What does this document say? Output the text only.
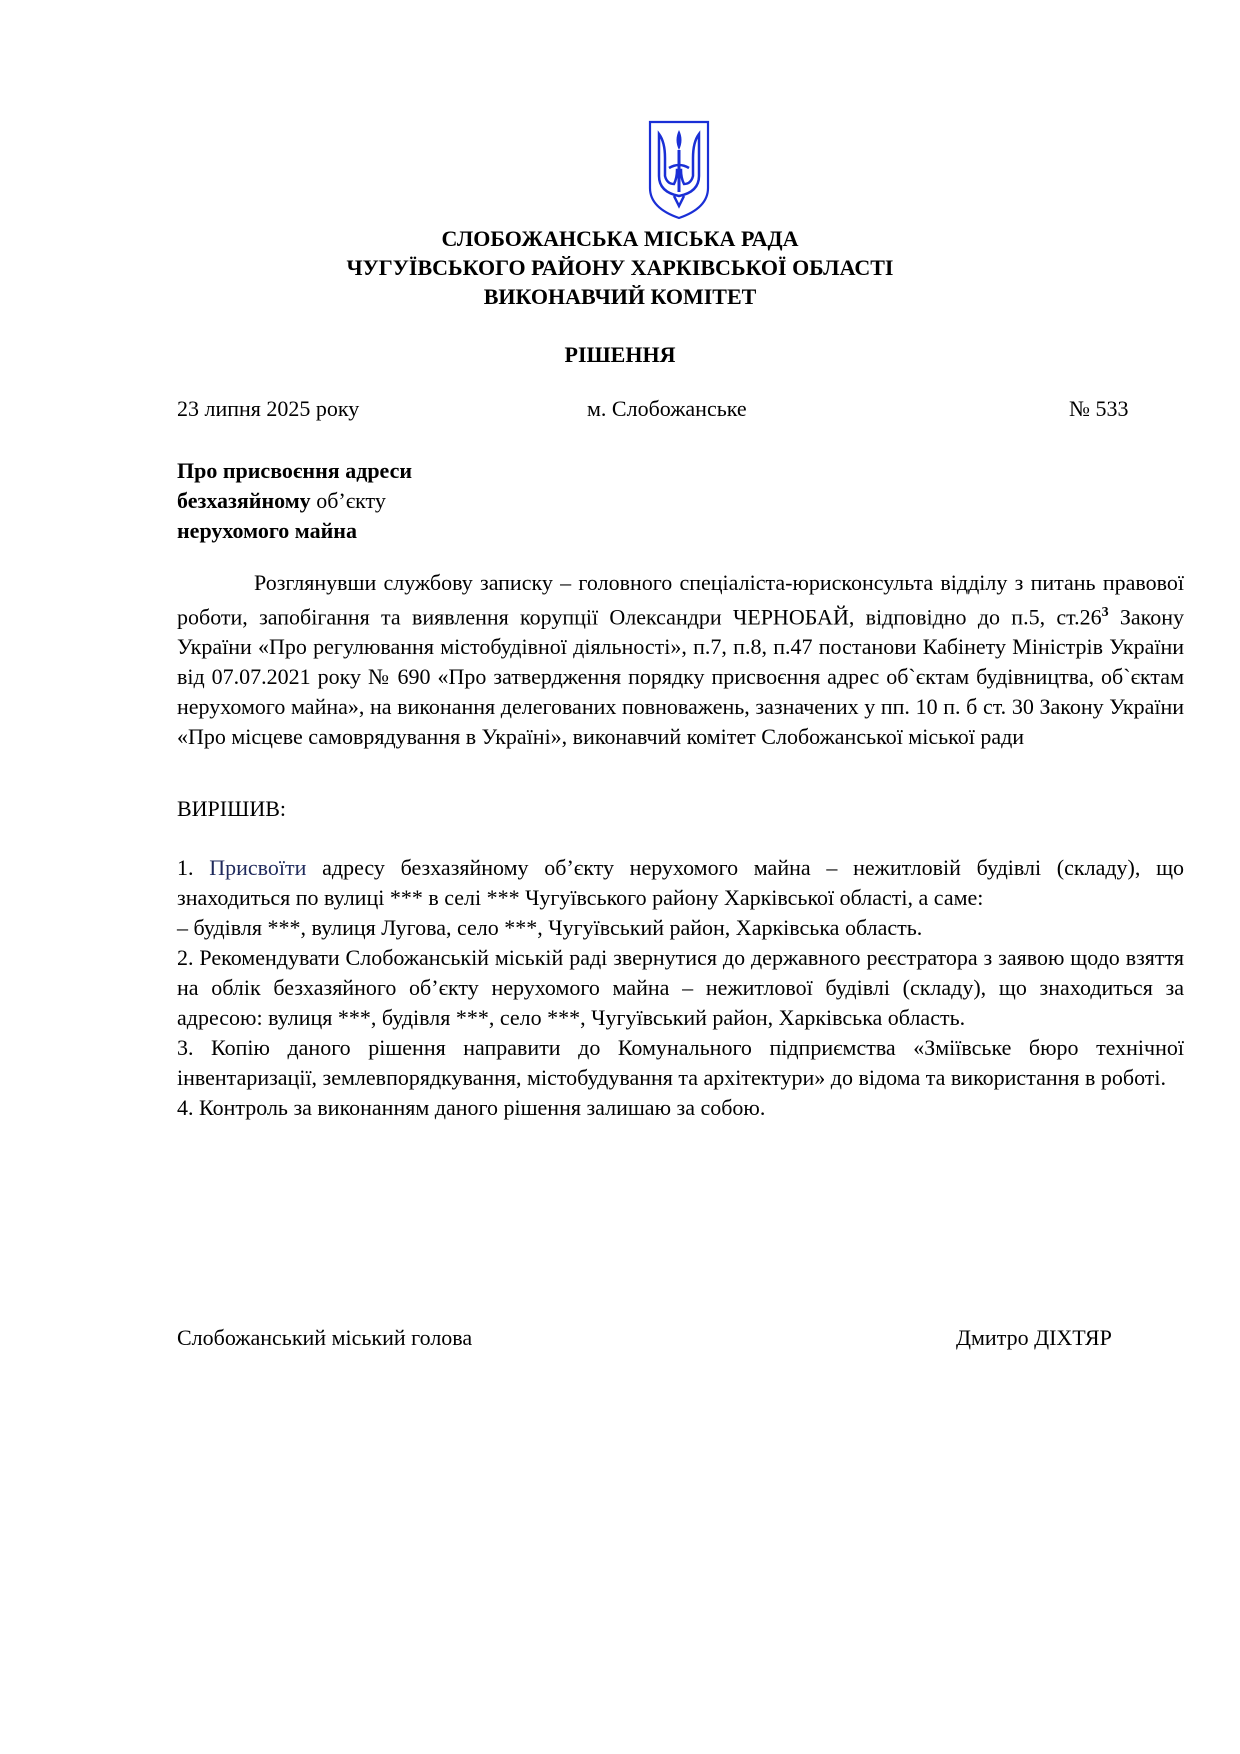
СЛОБОЖАНСЬКА МІСЬКА РАДА
ЧУГУЇВСЬКОГО РАЙОНУ ХАРКІВСЬКОЇ ОБЛАСТІ
ВИКОНАВЧИЙ КОМІТЕТ
РІШЕННЯ
23 липня 2025 року	м. Слобожанське	№ 533
Про присвоєння адреси
безхазяйному об’єкту
нерухомого майна
Розглянувши службову записку – головного спеціаліста-юрисконсульта відділу з питань правової роботи, запобігання та виявлення корупції Олександри ЧЕРНОБАЙ, відповідно до п.5, $ст.26^3$ Закону України «Про регулювання містобудівної діяльності», п.7, п.8, п.47 постанови Кабінету Міністрів України від 07.07.2021 року № 690 «Про затвердження порядку присвоєння адрес об`єктам будівництва, об`єктам нерухомого майна», на виконання делегованих повноважень, зазначених у пп. 10 п. б ст. 30 Закону України «Про місцеве самоврядування в Україні», виконавчий комітет Слобожанської міської ради
ВИРІШИВ:

1. Присвоїти адресу безхазяйному об’єкту нерухомого майна – нежитловій будівлі (складу), що знаходиться по вулиці *** в селі *** Чугуївського району Харківської області, а саме:

– будівля ***, вулиця Лугова, село ***, Чугуївський район, Харківська область.

2. Рекомендувати Слобожанській міській раді звернутися до державного реєстратора з заявою щодо взяття на облік безхазяйного об’єкту нерухомого майна – нежитлової будівлі (складу), що знаходиться за адресою: вулиця ***, будівля ***, село ***, Чугуївський район, Харківська область.

3. Копію даного рішення направити до Комунального підприємства «Зміївське бюро технічної інвентаризації, землевпорядкування, містобудування та архітектури» до відома та використання в роботі.

4. Контроль за виконанням даного рішення залишаю за собою.

Слобожанський міський голова	Дмитро ДІХТЯР
